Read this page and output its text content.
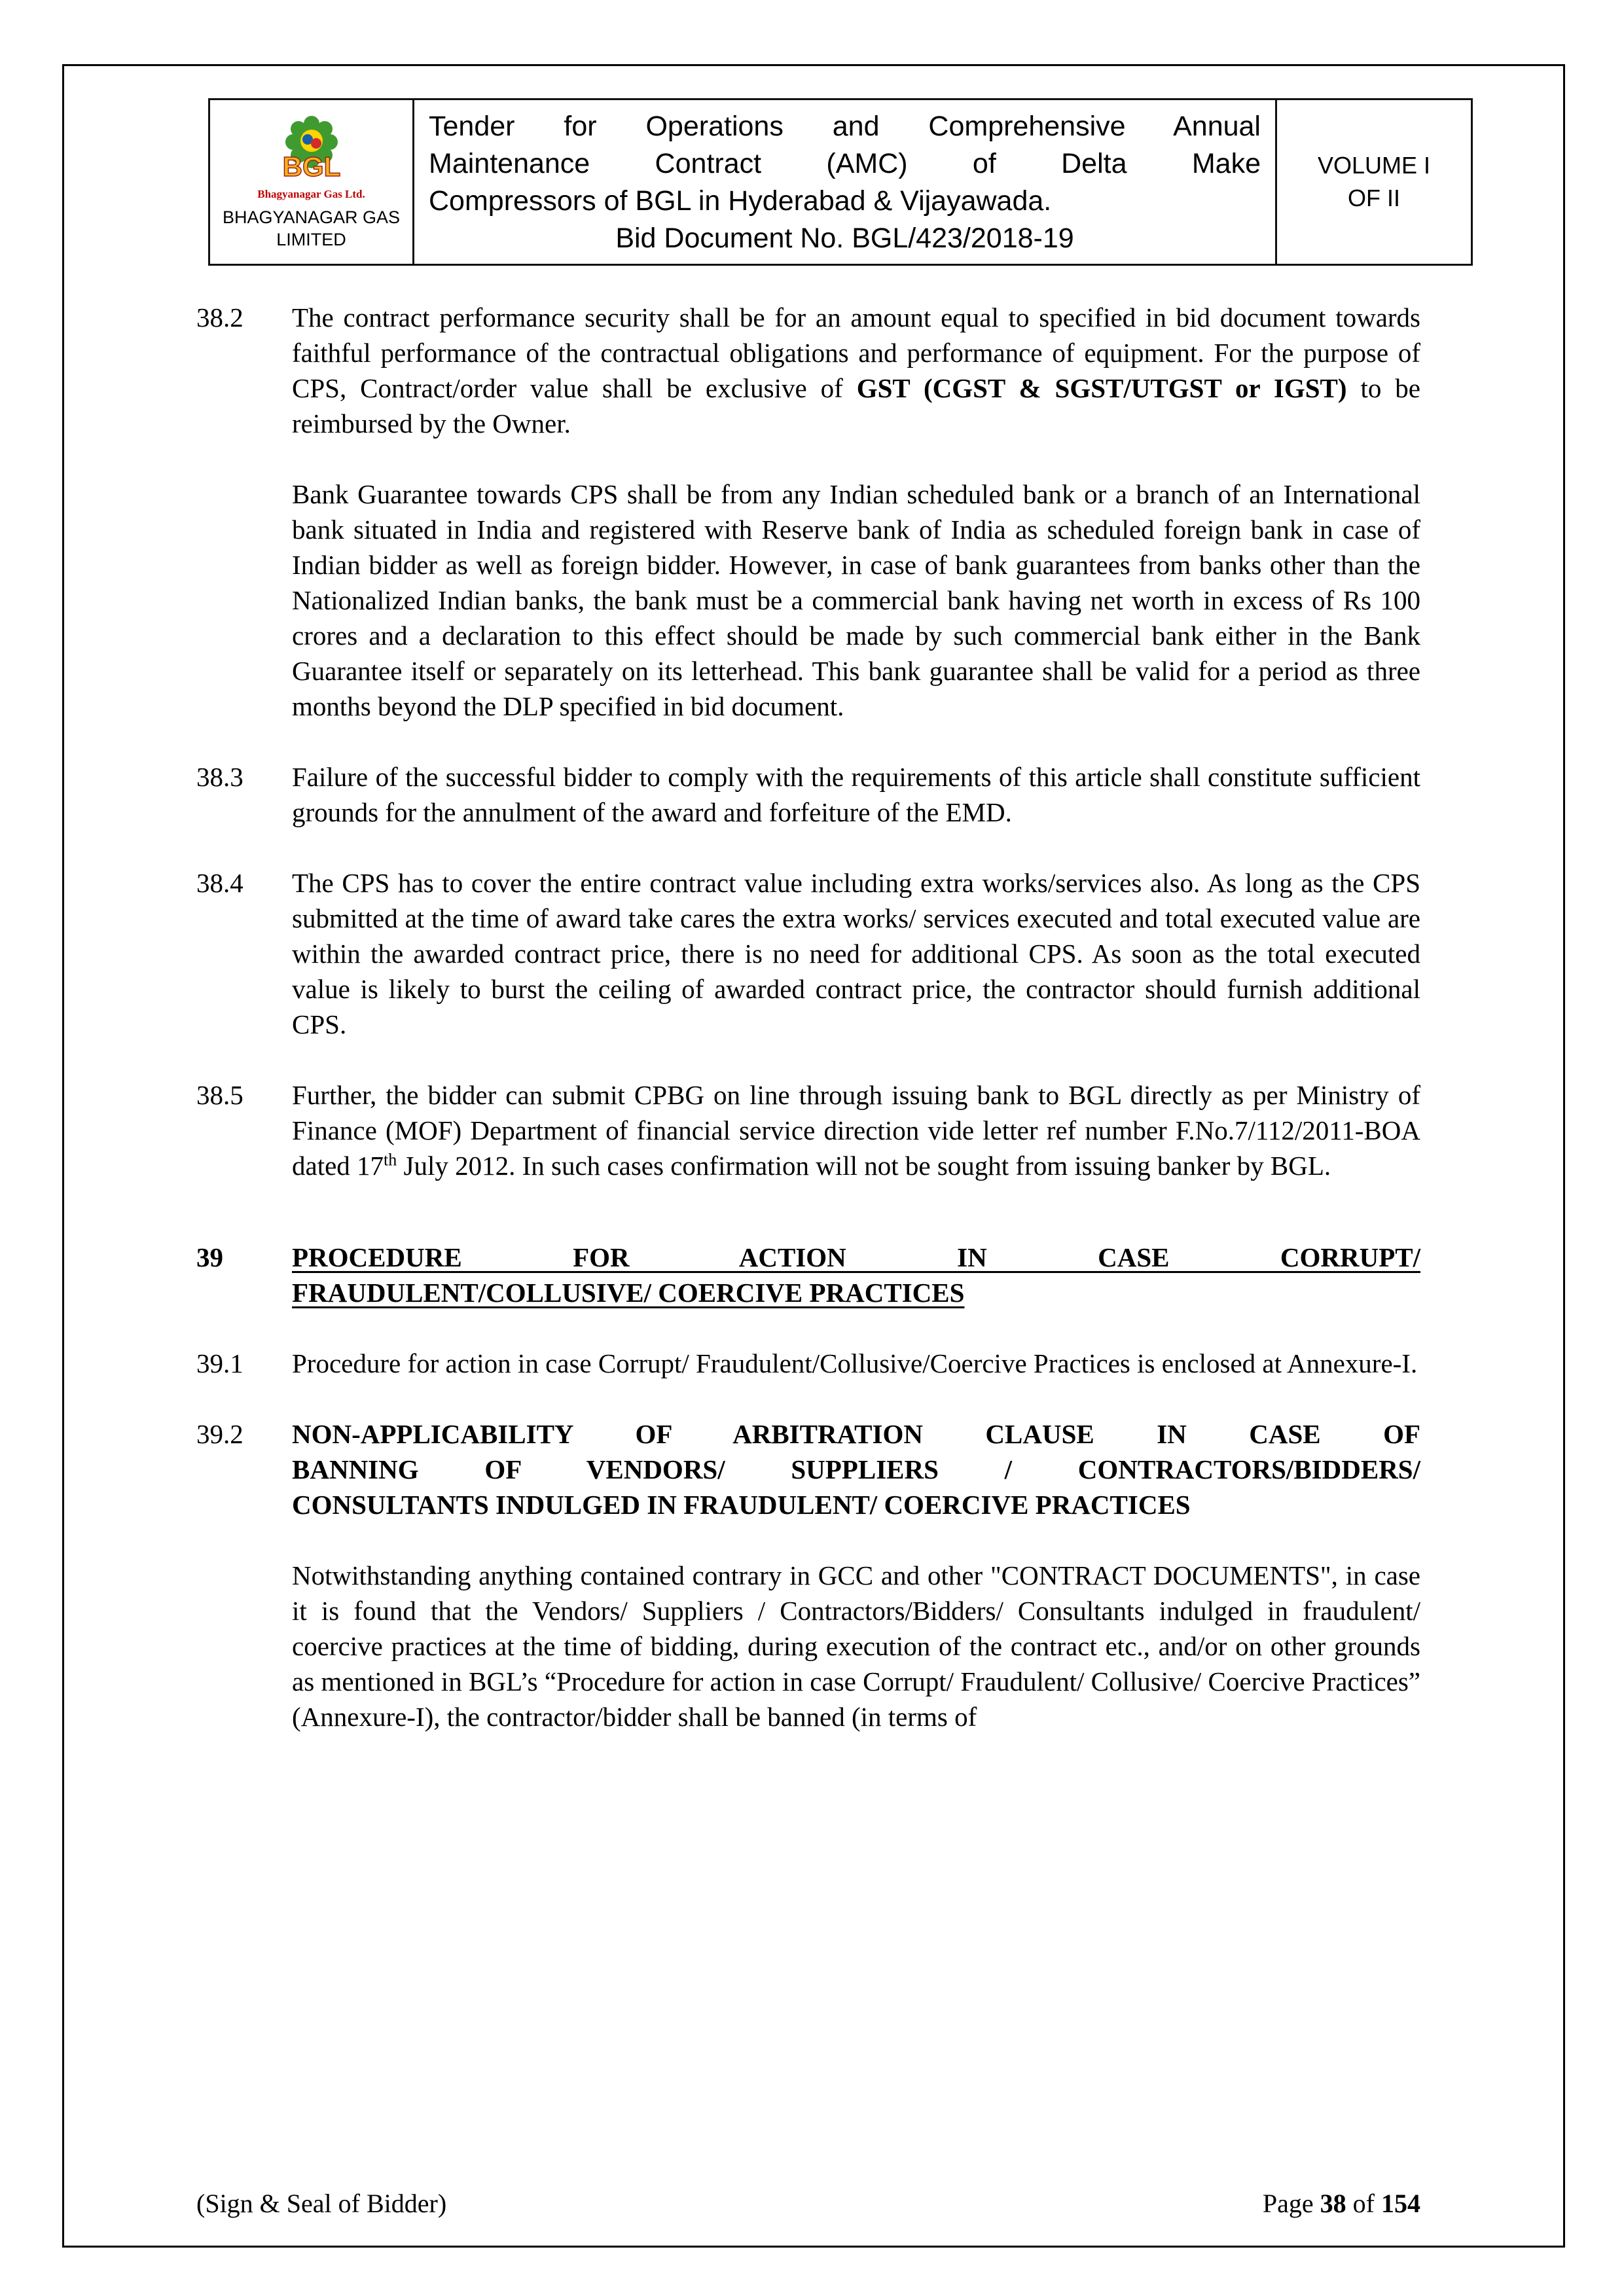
BGL
Bhagyanagar Gas Ltd.
BHAGYANAGAR GAS
LIMITED
Tender for Operations and Comprehensive Annual
Maintenance Contract (AMC) of Delta Make
Compressors of BGL in Hyderabad & Vijayawada.
Bid Document No. BGL/423/2018-19
VOLUME I
OF II
38.2	The contract performance security shall be for an amount equal to specified in bid document towards faithful performance of the contractual obligations and performance of equipment. For the purpose of CPS, Contract/order value shall be exclusive of GST (CGST & SGST/UTGST or IGST) to be reimbursed by the Owner.
Bank Guarantee towards CPS shall be from any Indian scheduled bank or a branch of an International bank situated in India and registered with Reserve bank of India as scheduled foreign bank in case of Indian bidder as well as foreign bidder. However, in case of bank guarantees from banks other than the Nationalized Indian banks, the bank must be a commercial bank having net worth in excess of Rs 100 crores and a declaration to this effect should be made by such commercial bank either in the Bank Guarantee itself or separately on its letterhead. This bank guarantee shall be valid for a period as three months beyond the DLP specified in bid document.
38.3	Failure of the successful bidder to comply with the requirements of this article shall constitute sufficient grounds for the annulment of the award and forfeiture of the EMD.
38.4	The CPS has to cover the entire contract value including extra works/services also. As long as the CPS submitted at the time of award take cares the extra works/ services executed and total executed value are within the awarded contract price, there is no need for additional CPS. As soon as the total executed value is likely to burst the ceiling of awarded contract price, the contractor should furnish additional CPS.
38.5	Further, the bidder can submit CPBG on line through issuing bank to BGL directly as per Ministry of Finance (MOF) Department of financial service direction vide letter ref number F.No.7/112/2011-BOA dated 17th July 2012. In such cases confirmation will not be sought from issuing banker by BGL.
39	PROCEDURE FOR ACTION IN CASE CORRUPT/
FRAUDULENT/COLLUSIVE/ COERCIVE PRACTICES
39.1	Procedure for action in case Corrupt/ Fraudulent/Collusive/Coercive Practices is enclosed at Annexure-I.
39.2	NON-APPLICABILITY OF ARBITRATION CLAUSE IN CASE OF
BANNING OF VENDORS/ SUPPLIERS / CONTRACTORS/BIDDERS/
CONSULTANTS INDULGED IN FRAUDULENT/ COERCIVE PRACTICES
Notwithstanding anything contained contrary in GCC and other "CONTRACT DOCUMENTS", in case it is found that the Vendors/ Suppliers / Contractors/Bidders/ Consultants indulged in fraudulent/ coercive practices at the time of bidding, during execution of the contract etc., and/or on other grounds as mentioned in BGL’s “Procedure for action in case Corrupt/ Fraudulent/ Collusive/ Coercive Practices” (Annexure-I), the contractor/bidder shall be banned (in terms of
(Sign & Seal of Bidder)	Page 38 of 154
